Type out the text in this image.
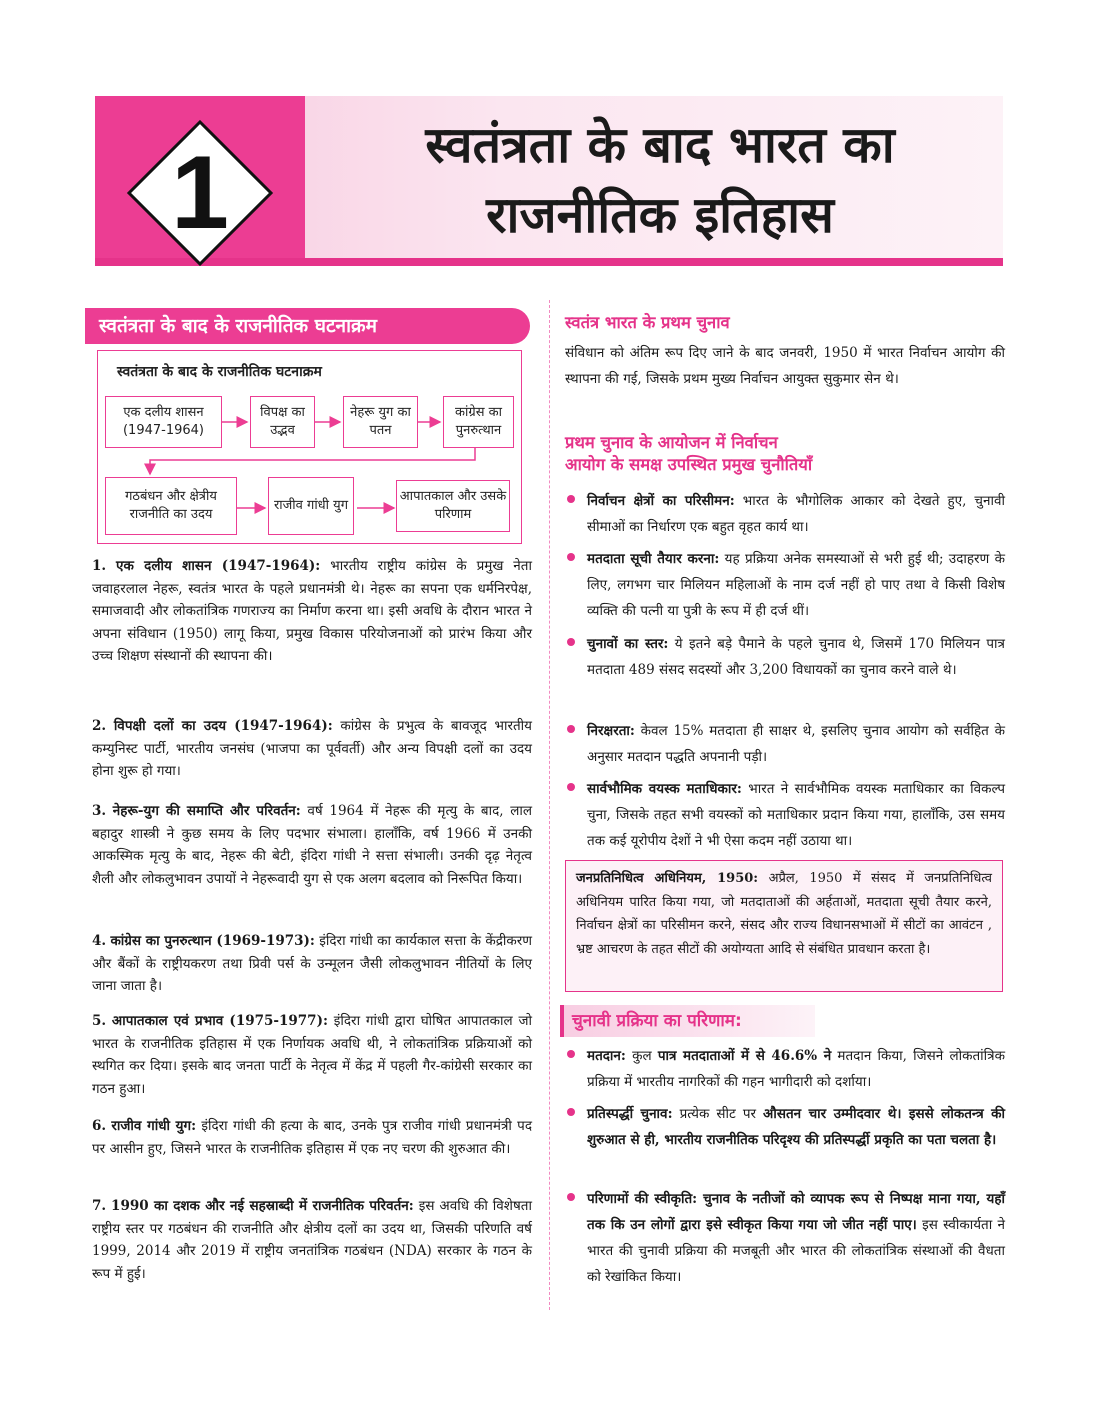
1	स्वतंत्रता के बाद भारत का
राजनीतिक इतिहास
स्वतंत्रता के बाद के राजनीतिक घटनाक्रम
स्वतंत्रता के बाद के राजनीतिक घटनाक्रम
एक दलीय शासन (1947-1964)
विपक्ष का उद्भव
नेहरू युग का पतन
कांग्रेस का पुनरुत्थान
गठबंधन और क्षेत्रीय राजनीति का उदय
राजीव गांधी युग
आपातकाल और उसके परिणाम
1. एक दलीय शासन (1947-1964): भारतीय राष्ट्रीय कांग्रेस के प्रमुख नेता जवाहरलाल नेहरू, स्वतंत्र भारत के पहले प्रधानमंत्री थे। नेहरू का सपना एक धर्मनिरपेक्ष, समाजवादी और लोकतांत्रिक गणराज्य का निर्माण करना था। इसी अवधि के दौरान भारत ने अपना संविधान (1950) लागू किया, प्रमुख विकास परियोजनाओं को प्रारंभ किया और उच्च शिक्षण संस्थानों की स्थापना की।
2. विपक्षी दलों का उदय (1947-1964): कांग्रेस के प्रभुत्व के बावजूद भारतीय कम्युनिस्ट पार्टी, भारतीय जनसंघ (भाजपा का पूर्ववर्ती) और अन्य विपक्षी दलों का उदय होना शुरू हो गया।
3. नेहरू-युग की समाप्ति और परिवर्तन: वर्ष 1964 में नेहरू की मृत्यु के बाद, लाल बहादुर शास्त्री ने कुछ समय के लिए पदभार संभाला। हालाँकि, वर्ष 1966 में उनकी आकस्मिक मृत्यु के बाद, नेहरू की बेटी, इंदिरा गांधी ने सत्ता संभाली। उनकी दृढ़ नेतृत्व शैली और लोकलुभावन उपायों ने नेहरूवादी युग से एक अलग बदलाव को निरूपित किया।
4. कांग्रेस का पुनरुत्थान (1969-1973): इंदिरा गांधी का कार्यकाल सत्ता के केंद्रीकरण और बैंकों के राष्ट्रीयकरण तथा प्रिवी पर्स के उन्मूलन जैसी लोकलुभावन नीतियों के लिए जाना जाता है।
5. आपातकाल एवं प्रभाव (1975-1977): इंदिरा गांधी द्वारा घोषित आपातकाल जो भारत के राजनीतिक इतिहास में एक निर्णायक अवधि थी, ने लोकतांत्रिक प्रक्रियाओं को स्थगित कर दिया। इसके बाद जनता पार्टी के नेतृत्व में केंद्र में पहली गैर-कांग्रेसी सरकार का गठन हुआ।
6. राजीव गांधी युग: इंदिरा गांधी की हत्या के बाद, उनके पुत्र राजीव गांधी प्रधानमंत्री पद पर आसीन हुए, जिसने भारत के राजनीतिक इतिहास में एक नए चरण की शुरुआत की।
7. 1990 का दशक और नई सहस्राब्दी में राजनीतिक परिवर्तन: इस अवधि की विशेषता राष्ट्रीय स्तर पर गठबंधन की राजनीति और क्षेत्रीय दलों का उदय था, जिसकी परिणति वर्ष 1999, 2014 और 2019 में राष्ट्रीय जनतांत्रिक गठबंधन (NDA) सरकार के गठन के रूप में हुई।
स्वतंत्र भारत के प्रथम चुनाव
संविधान को अंतिम रूप दिए जाने के बाद जनवरी, 1950 में भारत निर्वाचन आयोग की स्थापना की गई, जिसके प्रथम मुख्य निर्वाचन आयुक्त सुकुमार सेन थे।
प्रथम चुनाव के आयोजन में निर्वाचन
आयोग के समक्ष उपस्थित प्रमुख चुनौतियाँ
निर्वाचन क्षेत्रों का परिसीमन: भारत के भौगोलिक आकार को देखते हुए, चुनावी सीमाओं का निर्धारण एक बहुत वृहत कार्य था।
मतदाता सूची तैयार करना: यह प्रक्रिया अनेक समस्याओं से भरी हुई थी; उदाहरण के लिए, लगभग चार मिलियन महिलाओं के नाम दर्ज नहीं हो पाए तथा वे किसी विशेष व्यक्ति की पत्नी या पुत्री के रूप में ही दर्ज थीं।
चुनावों का स्तर: ये इतने बड़े पैमाने के पहले चुनाव थे, जिसमें 170 मिलियन पात्र मतदाता 489 संसद सदस्यों और 3,200 विधायकों का चुनाव करने वाले थे।
निरक्षरता: केवल 15% मतदाता ही साक्षर थे, इसलिए चुनाव आयोग को सर्वहित के अनुसार मतदान पद्धति अपनानी पड़ी।
सार्वभौमिक वयस्क मताधिकार: भारत ने सार्वभौमिक वयस्क मताधिकार का विकल्प चुना, जिसके तहत सभी वयस्कों को मताधिकार प्रदान किया गया, हालाँकि, उस समय तक कई यूरोपीय देशों ने भी ऐसा कदम नहीं उठाया था।
जनप्रतिनिधित्व अधिनियम, 1950: अप्रैल, 1950 में संसद में जनप्रतिनिधित्व अधिनियम पारित किया गया, जो मतदाताओं की अर्हताओं, मतदाता सूची तैयार करने, निर्वाचन क्षेत्रों का परिसीमन करने, संसद और राज्य विधानसभाओं में सीटों का आवंटन , भ्रष्ट आचरण के तहत सीटों की अयोग्यता आदि से संबंधित प्रावधान करता है।
चुनावी प्रक्रिया का परिणाम:
मतदान: कुल पात्र मतदाताओं में से 46.6% ने मतदान किया, जिसने लोकतांत्रिक प्रक्रिया में भारतीय नागरिकों की गहन भागीदारी को दर्शाया।
प्रतिस्पर्द्धी चुनाव: प्रत्येक सीट पर औसतन चार उम्मीदवार थे। इससे लोकतन्त्र की शुरुआत से ही, भारतीय राजनीतिक परिदृश्य की प्रतिस्पर्द्धी प्रकृति का पता चलता है।
परिणामों की स्वीकृति: चुनाव के नतीजों को व्यापक रूप से निष्पक्ष माना गया, यहाँ तक कि उन लोगों द्वारा इसे स्वीकृत किया गया जो जीत नहीं पाए। इस स्वीकार्यता ने भारत की चुनावी प्रक्रिया की मजबूती और भारत की लोकतांत्रिक संस्थाओं की वैधता को रेखांकित किया।
